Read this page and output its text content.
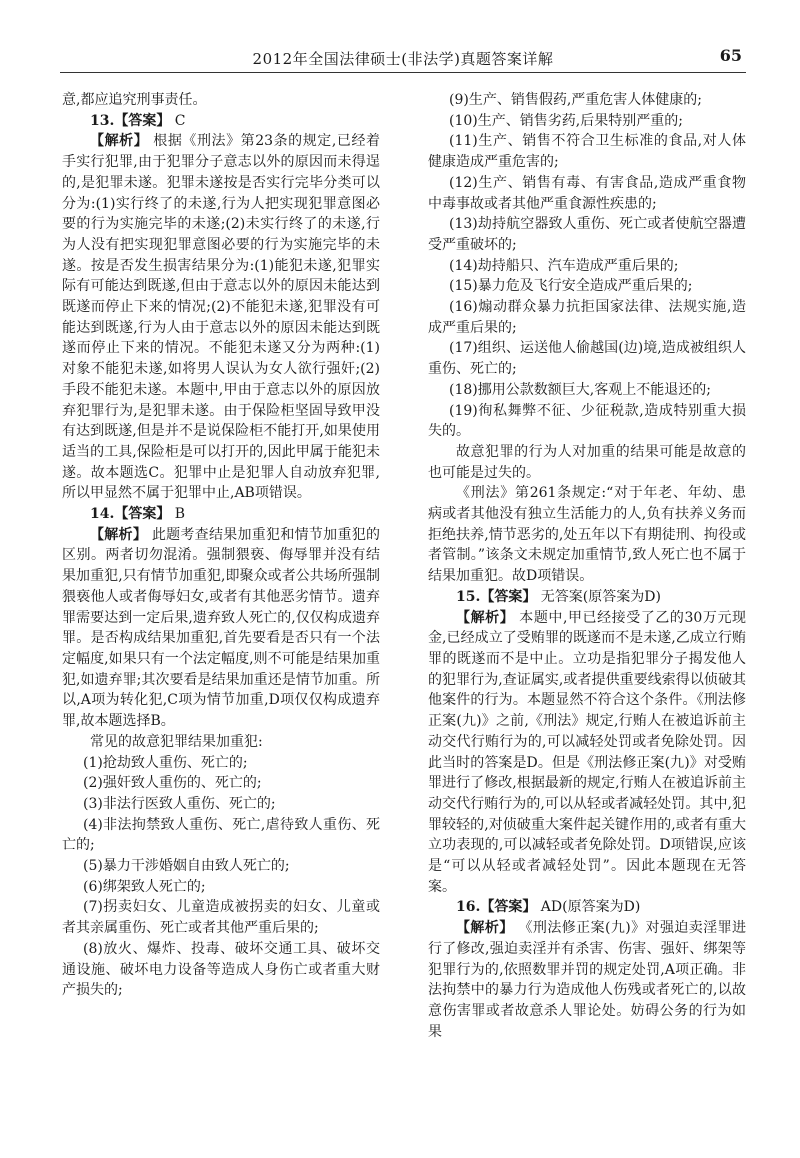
2012年全国法律硕士(非法学)真题答案详解	65

意,都应追究刑事责任。

13.【答案】 C

【解析】 根据《刑法》第23条的规定,已经着手实行犯罪,由于犯罪分子意志以外的原因而未得逞的,是犯罪未遂。犯罪未遂按是否实行完毕分类可以分为:(1)实行终了的未遂,行为人把实现犯罪意图必要的行为实施完毕的未遂;(2)未实行终了的未遂,行为人没有把实现犯罪意图必要的行为实施完毕的未遂。按是否发生损害结果分为:(1)能犯未遂,犯罪实际有可能达到既遂,但由于意志以外的原因未能达到既遂而停止下来的情况;(2)不能犯未遂,犯罪没有可能达到既遂,行为人由于意志以外的原因未能达到既遂而停止下来的情况。不能犯未遂又分为两种:(1)对象不能犯未遂,如将男人误认为女人欲行强奸;(2)手段不能犯未遂。本题中,甲由于意志以外的原因放弃犯罪行为,是犯罪未遂。由于保险柜坚固导致甲没有达到既遂,但是并不是说保险柜不能打开,如果使用适当的工具,保险柜是可以打开的,因此甲属于能犯未遂。故本题选C。犯罪中止是犯罪人自动放弃犯罪,所以甲显然不属于犯罪中止,AB项错误。

14.【答案】 B

【解析】 此题考查结果加重犯和情节加重犯的区别。两者切勿混淆。强制猥亵、侮辱罪并没有结果加重犯,只有情节加重犯,即聚众或者公共场所强制猥亵他人或者侮辱妇女,或者有其他恶劣情节。遗弃罪需要达到一定后果,遗弃致人死亡的,仅仅构成遗弃罪。是否构成结果加重犯,首先要看是否只有一个法定幅度,如果只有一个法定幅度,则不可能是结果加重犯,如遗弃罪;其次要看是结果加重还是情节加重。所以,A项为转化犯,C项为情节加重,D项仅仅构成遗弃罪,故本题选择B。

常见的故意犯罪结果加重犯:

(1)抢劫致人重伤、死亡的;

(2)强奸致人重伤的、死亡的;

(3)非法行医致人重伤、死亡的;

(4)非法拘禁致人重伤、死亡,虐待致人重伤、死亡的;

(5)暴力干涉婚姻自由致人死亡的;

(6)绑架致人死亡的;

(7)拐卖妇女、儿童造成被拐卖的妇女、儿童或者其亲属重伤、死亡或者其他严重后果的;

(8)放火、爆炸、投毒、破坏交通工具、破坏交通设施、破坏电力设备等造成人身伤亡或者重大财产损失的;

(9)生产、销售假药,严重危害人体健康的;

(10)生产、销售劣药,后果特别严重的;

(11)生产、销售不符合卫生标准的食品,对人体健康造成严重危害的;

(12)生产、销售有毒、有害食品,造成严重食物中毒事故或者其他严重食源性疾患的;

(13)劫持航空器致人重伤、死亡或者使航空器遭受严重破坏的;

(14)劫持船只、汽车造成严重后果的;

(15)暴力危及飞行安全造成严重后果的;

(16)煽动群众暴力抗拒国家法律、法规实施,造成严重后果的;

(17)组织、运送他人偷越国(边)境,造成被组织人重伤、死亡的;

(18)挪用公款数额巨大,客观上不能退还的;

(19)徇私舞弊不征、少征税款,造成特别重大损失的。

故意犯罪的行为人对加重的结果可能是故意的也可能是过失的。

《刑法》第261条规定:“对于年老、年幼、患病或者其他没有独立生活能力的人,负有扶养义务而拒绝扶养,情节恶劣的,处五年以下有期徒刑、拘役或者管制。”该条文未规定加重情节,致人死亡也不属于结果加重犯。故D项错误。

15.【答案】 无答案(原答案为D)

【解析】 本题中,甲已经接受了乙的30万元现金,已经成立了受贿罪的既遂而不是未遂,乙成立行贿罪的既遂而不是中止。立功是指犯罪分子揭发他人的犯罪行为,查证属实,或者提供重要线索得以侦破其他案件的行为。本题显然不符合这个条件。《刑法修正案(九)》之前,《刑法》规定,行贿人在被追诉前主动交代行贿行为的,可以减轻处罚或者免除处罚。因此当时的答案是D。但是《刑法修正案(九)》对受贿罪进行了修改,根据最新的规定,行贿人在被追诉前主动交代行贿行为的,可以从轻或者减轻处罚。其中,犯罪较轻的,对侦破重大案件起关键作用的,或者有重大立功表现的,可以减轻或者免除处罚。D项错误,应该是“可以从轻或者减轻处罚”。因此本题现在无答案。

16.【答案】 AD(原答案为D)

【解析】 《刑法修正案(九)》对强迫卖淫罪进行了修改,强迫卖淫并有杀害、伤害、强奸、绑架等犯罪行为的,依照数罪并罚的规定处罚,A项正确。非法拘禁中的暴力行为造成他人伤残或者死亡的,以故意伤害罪或者故意杀人罪论处。妨碍公务的行为如果
